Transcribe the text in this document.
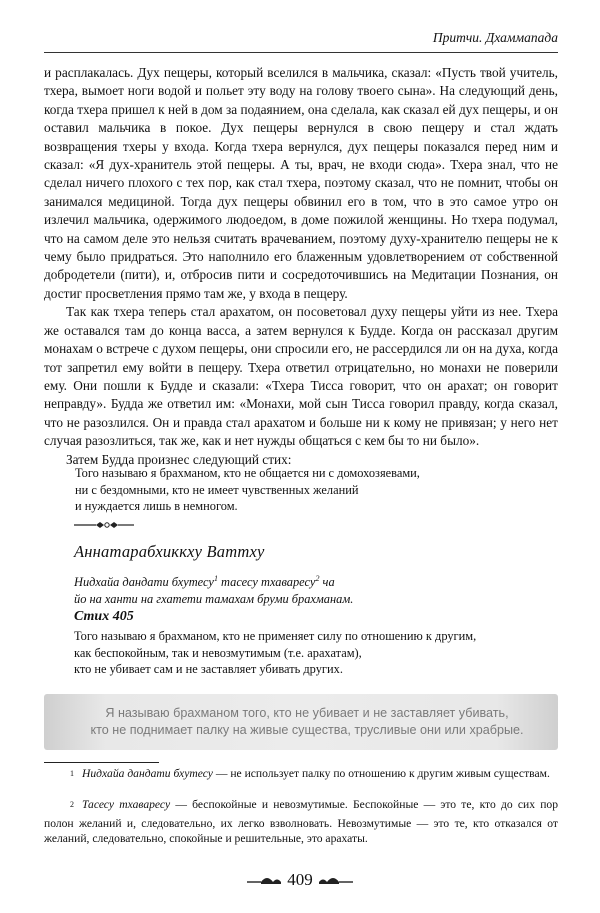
Притчи. Дхаммапада

и расплакалась. Дух пещеры, который вселился в мальчика, сказал: «Пусть твой учитель, тхера, вымоет ноги водой и польет эту воду на голову твоего сына». На следующий день, когда тхера пришел к ней в дом за подаянием, она сделала, как сказал ей дух пещеры, и он оставил мальчика в покое. Дух пещеры вернулся в свою пещеру и стал ждать возвращения тхеры у входа. Когда тхера вернулся, дух пещеры показался перед ним и сказал: «Я дух-хранитель этой пещеры. А ты, врач, не входи сюда». Тхера знал, что не сделал ничего плохого с тех пор, как стал тхера, поэтому сказал, что не помнит, чтобы он занимался медициной. Тогда дух пещеры обвинил его в том, что в это самое утро он излечил мальчика, одержимого людоедом, в доме пожилой женщины. Но тхера подумал, что на самом деле это нельзя считать врачеванием, поэтому духу-хранителю пещеры не к чему было придраться. Это наполнило его блаженным удовлетворением от собственной добродетели (пити), и, отбросив пити и сосредоточившись на Медитации Познания, он достиг просветления прямо там же, у входа в пещеру.

Так как тхера теперь стал арахатом, он посоветовал духу пещеры уйти из нее. Тхера же оставался там до конца васса, а затем вернулся к Будде. Когда он рассказал другим монахам о встрече с духом пещеры, они спросили его, не рассердился ли он на духа, когда тот запретил ему войти в пещеру. Тхера ответил отрицательно, но монахи не поверили ему. Они пошли к Будде и сказали: «Тхера Тисса говорит, что он арахат; он говорит неправду». Будда же ответил им: «Монахи, мой сын Тисса говорил правду, когда сказал, что не разозлился. Он и правда стал арахатом и больше ни к кому не привязан; у него нет случая разозлиться, так же, как и нет нужды общаться с кем бы то ни было».

Затем Будда произнес следующий стих:

Того называю я брахманом, кто не общается ни с домохозяевами,
ни с бездомными, кто не имеет чувственных желаний
и нуждается лишь в немногом.
Аннатарабхиккху Ваттху
Нидхайа дандати бхутесу$^1$ тасесу тхаваресу$^2$ ча
йо на ханти на гхатети тамахам бруми брахманам.
Стих 405
Того называю я брахманом, кто не применяет силу по отношению к другим,
как беспокойным, так и невозмутимым (т.е. арахатам),
кто не убивает сам и не заставляет убивать других.
Я называю брахманом того, кто не убивает и не заставляет убивать,
кто не поднимает палку на живые существа, трусливые они или храбрые.
$^1$ Нидхайа дандати бхутесу — не использует палку по отношению к другим живым существам.
$^2$ Тасесу тхаваресу — беспокойные и невозмутимые. Беспокойные — это те, кто до сих пор полон желаний и, следовательно, их легко взволновать. Невозмутимые — это те, кто отказался от желаний, следовательно, спокойные и решительные, это арахаты.
409
